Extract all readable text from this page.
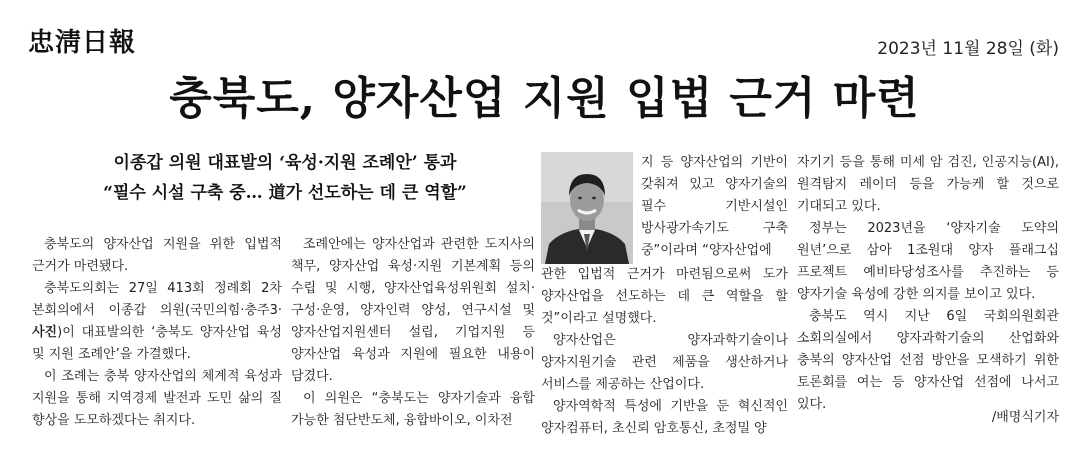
忠淸日報	2023년 11월 28일 (화)
충북도, 양자산업 지원 입법 근거 마련
이종갑 의원 대표발의 ‘육성·지원 조례안’ 통과
“필수 시설 구축 중… 道가 선도하는 데 큰 역할”

충북도의 양자산업 지원을 위한 입법적 근거가 마련됐다.

충북도의회는 27일 413회 정례회 2차 본회의에서 이종갑 의원(국민의힘·충주3·사진)이 대표발의한 ‘충북도 양자산업 육성 및 지원 조례안’을 가결했다.

이 조례는 충북 양자산업의 체계적 육성과 지원을 통해 지역경제 발전과 도민 삶의 질 향상을 도모하겠다는 취지다.

조례안에는 양자산업과 관련한 도지사의 책무, 양자산업 육성·지원 기본계획 등의 수립 및 시행, 양자산업육성위원회 설치·구성·운영, 양자인력 양성, 연구시설 및 양자산업지원센터 설립, 기업지원 등 양자산업 육성과 지원에 필요한 내용이 담겼다.

이 의원은 “충북도는 양자기술과 융합 가능한 첨단반도체, 융합바이오, 이차전

지 등 양자산업의 기반이 갖춰져 있고 양자기술의 필수 기반시설인 방사광가속기도 구축 중”이라며 “양자산업에

관한 입법적 근거가 마련됨으로써 도가 양자산업을 선도하는 데 큰 역할을 할 것”이라고 설명했다.

양자산업은 양자과학기술이나 양자지원기술 관련 제품을 생산하거나 서비스를 제공하는 산업이다.

양자역학적 특성에 기반을 둔 혁신적인 양자컴퓨터, 초신뢰 암호통신, 초정밀 양

자기기 등을 통해 미세 암 검진, 인공지능(AI), 원격탐지 레이더 등을 가능케 할 것으로 기대되고 있다.

정부는 2023년을 ‘양자기술 도약의 원년’으로 삼아 1조원대 양자 플래그십 프로젝트 예비타당성조사를 추진하는 등 양자기술 육성에 강한 의지를 보이고 있다.

충북도 역시 지난 6일 국회의원회관 소회의실에서 양자과학기술의 산업화와 충북의 양자산업 선점 방안을 모색하기 위한 토론회를 여는 등 양자산업 선점에 나서고 있다.

/배명식기자
